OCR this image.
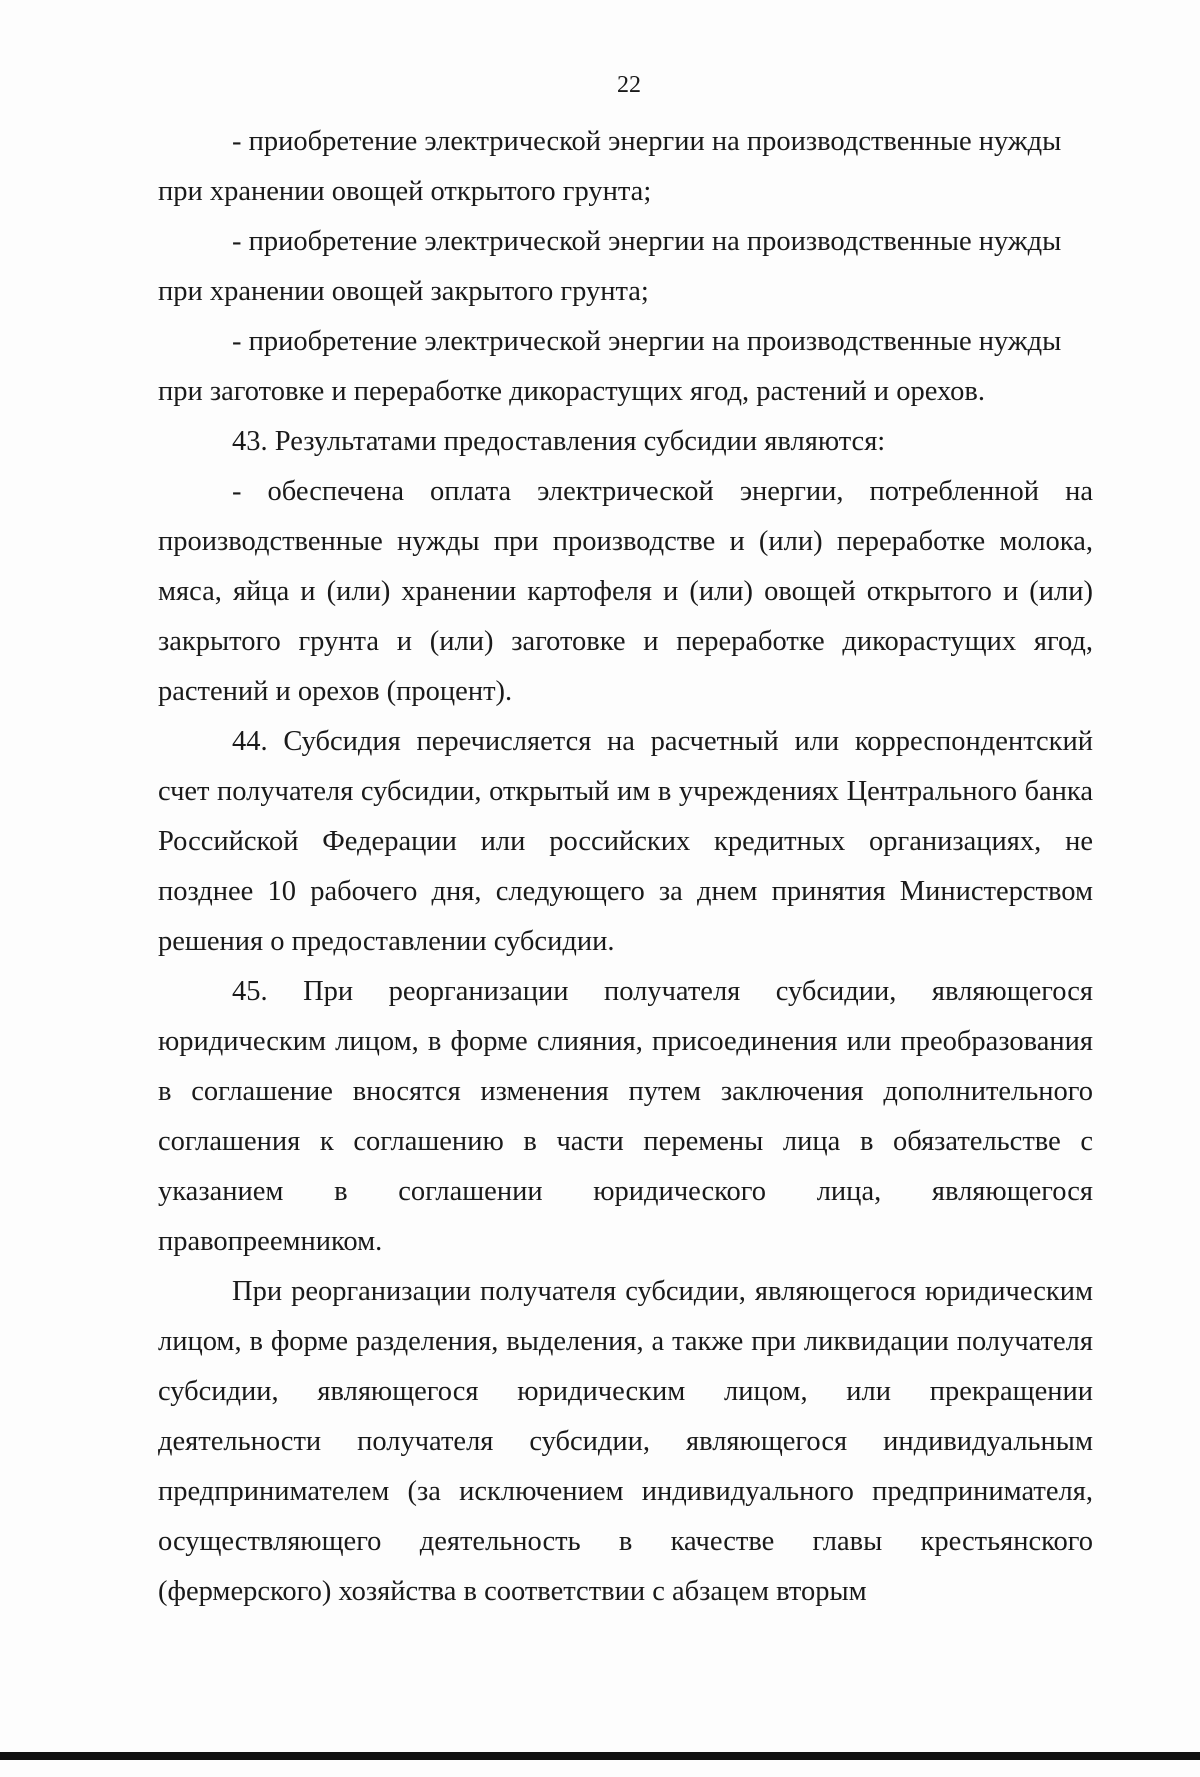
22

- приобретение электрической энергии на производственные нужды при хранении овощей открытого грунта;

- приобретение электрической энергии на производственные нужды при хранении овощей закрытого грунта;

- приобретение электрической энергии на производственные нужды при заготовке и переработке дикорастущих ягод, растений и орехов.

43. Результатами предоставления субсидии являются:

- обеспечена оплата электрической энергии, потребленной на производственные нужды при производстве и (или) переработке молока, мяса, яйца и (или) хранении картофеля и (или) овощей открытого и (или) закрытого грунта и (или) заготовке и переработке дикорастущих ягод, растений и орехов (процент).

44. Субсидия перечисляется на расчетный или корреспондентский счет получателя субсидии, открытый им в учреждениях Центрального банка Российской Федерации или российских кредитных организациях, не позднее 10 рабочего дня, следующего за днем принятия Министерством решения о предоставлении субсидии.

45. При реорганизации получателя субсидии, являющегося юридическим лицом, в форме слияния, присоединения или преобразования в соглашение вносятся изменения путем заключения дополнительного соглашения к соглашению в части перемены лица в обязательстве с указанием в соглашении юридического лица, являющегося правопреемником.

При реорганизации получателя субсидии, являющегося юридическим лицом, в форме разделения, выделения, а также при ликвидации получателя субсидии, являющегося юридическим лицом, или прекращении деятельности получателя субсидии, являющегося индивидуальным предпринимателем (за исключением индивидуального предпринимателя, осуществляющего деятельность в качестве главы крестьянского (фермерского) хозяйства в соответствии с абзацем вторым
